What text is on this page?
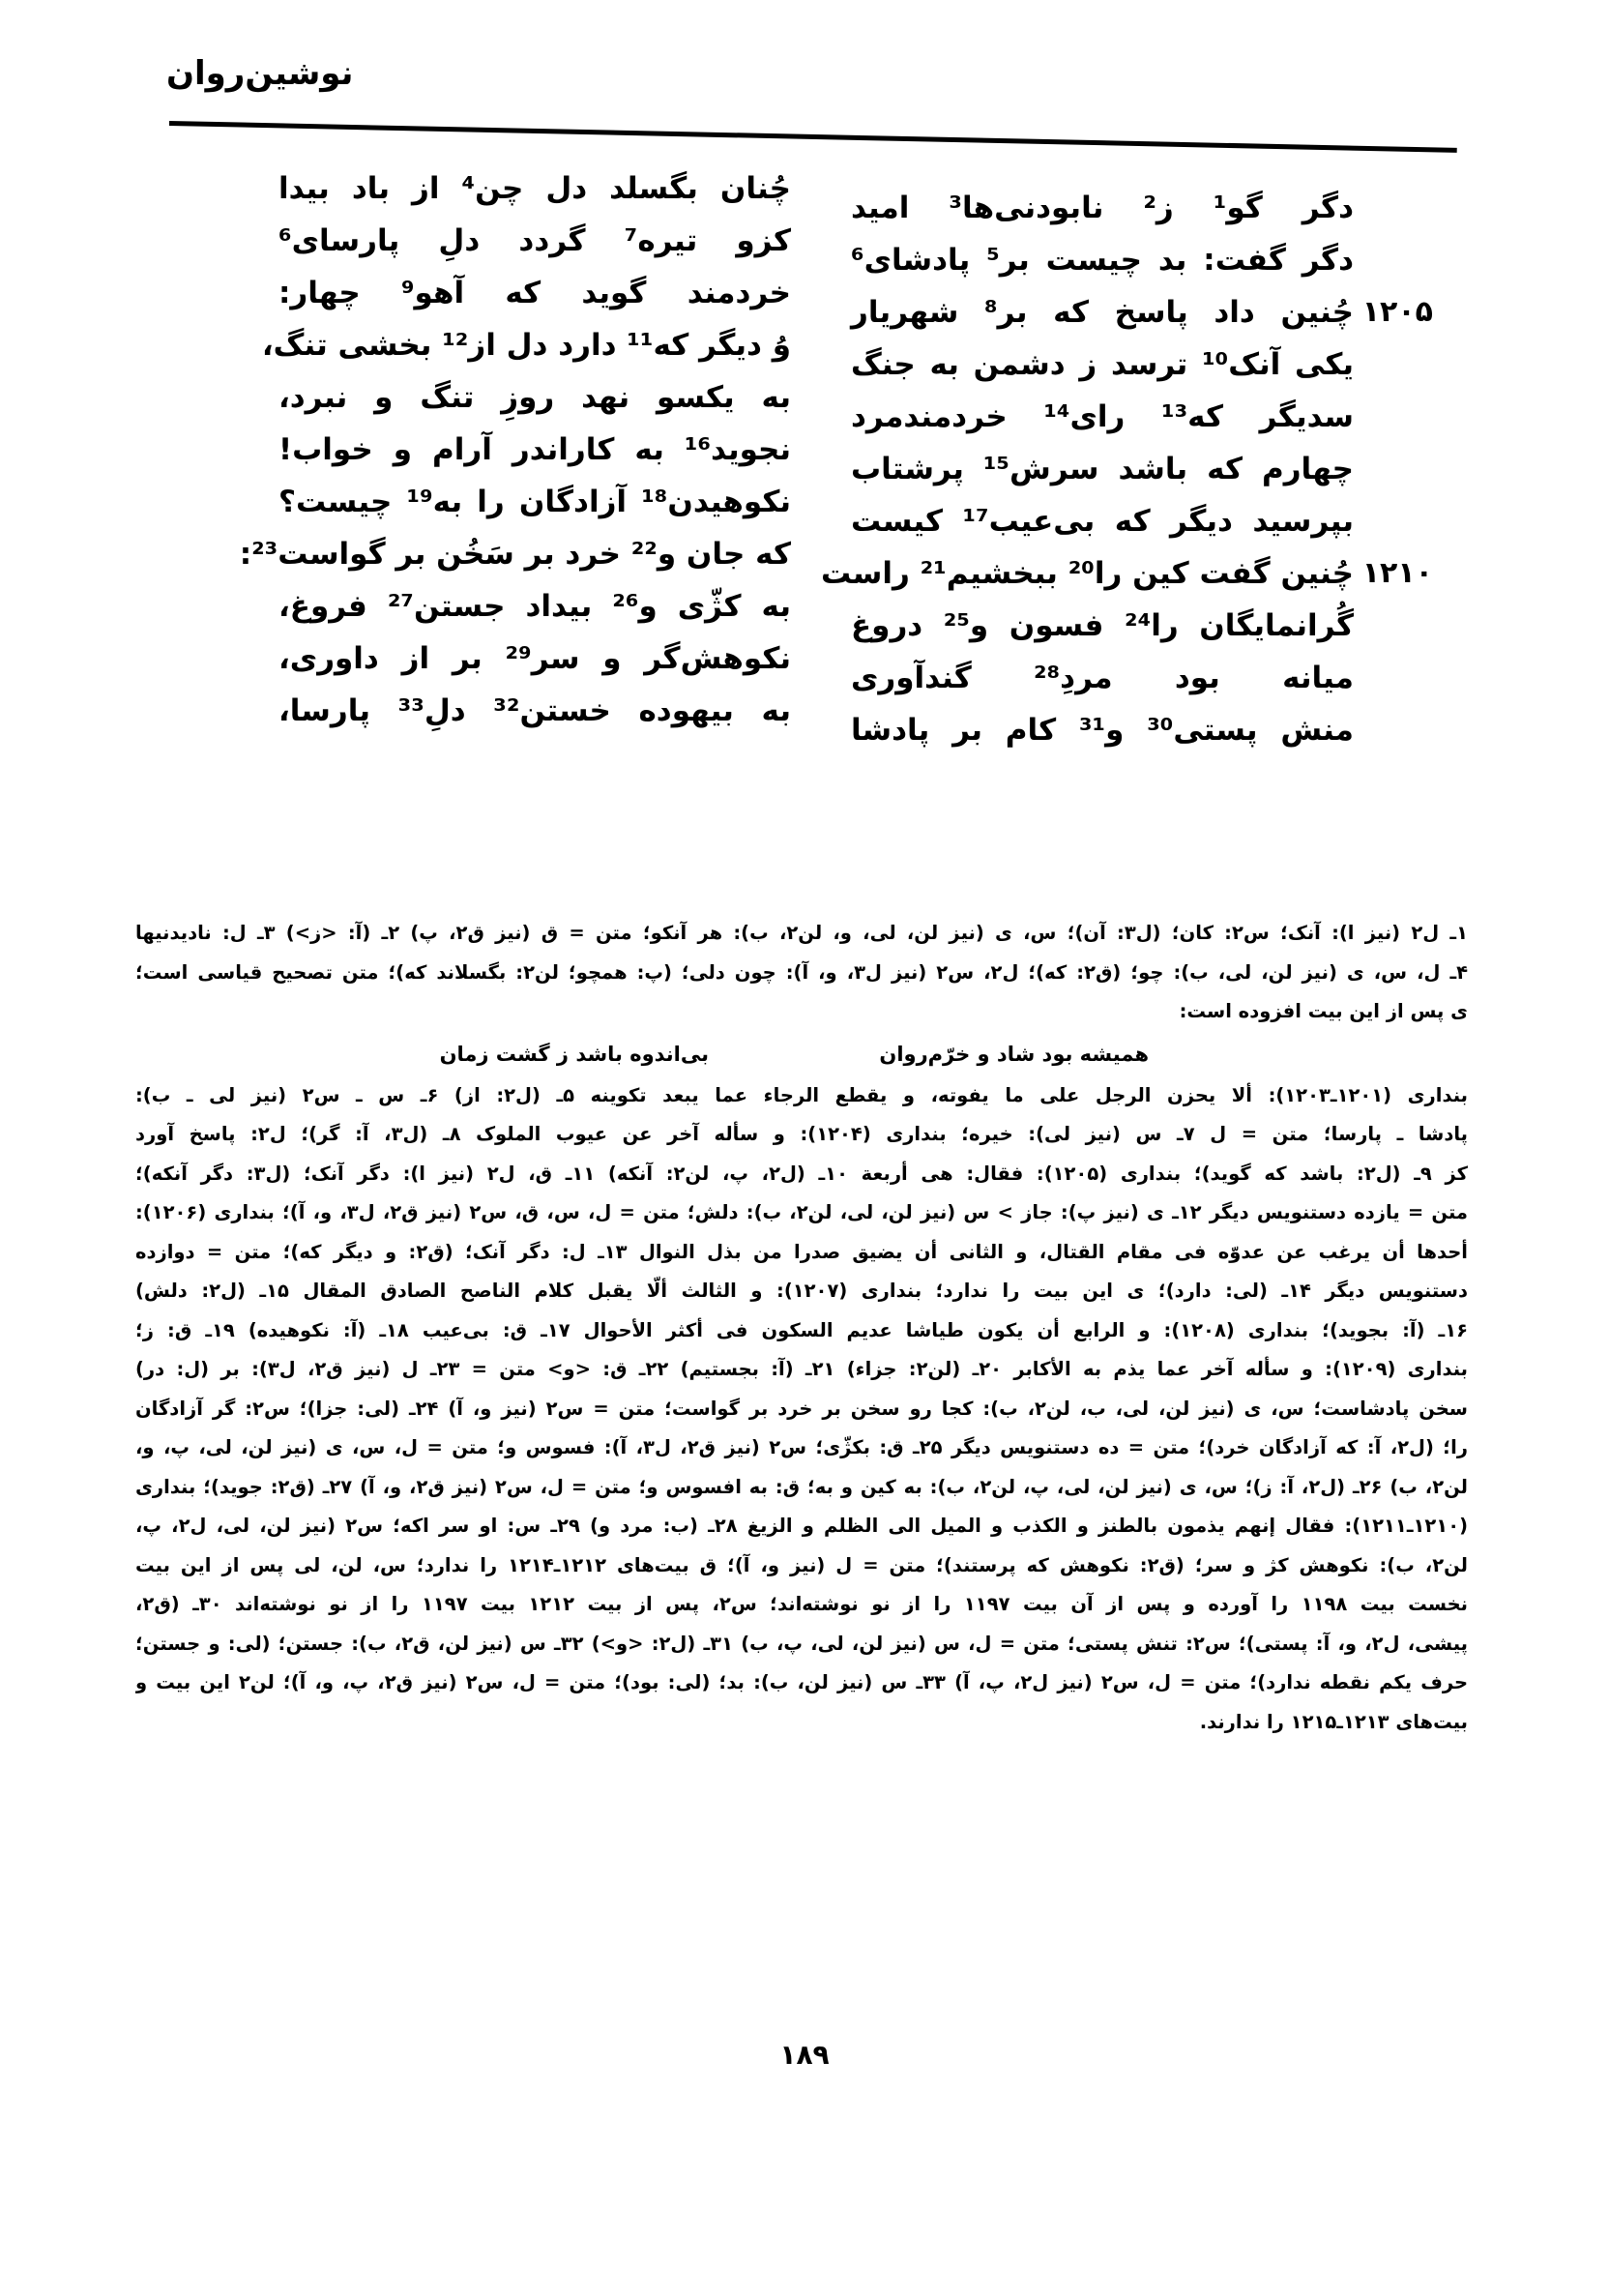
نوشین‌روان
دگر گو¹ ز² نابودنی‌ها³ امید
دگر گفت: بد چیست بر⁵ پادشای⁶
چُنین داد پاسخ که بر⁸ شهریار ۱۲۰۵
یکی آنک¹⁰ ترسد ز دشمن به جنگ
سدیگر که¹³ رای¹⁴ خردمندمرد
چهارم که باشد سرش¹⁵ پرشتاب
بپرسید دیگر که بی‌عیب¹⁷ کیست
چُنین گفت کین را²⁰ ببخشیم²¹ راست ۱۲۱۰
گُرانمایگان را²⁴ فسون و²⁵ دروغ
میانه بود مردِ²⁸ گندآوری
منش پستی³⁰ و³¹ کام بر پادشا
چُنان بگسلد دل چن⁴ از باد بیدا
کزو تیره⁷ گردد دلِ پارسای⁶
خردمند گوید که آهو⁹ چهار:
وُ دیگر که¹¹ دارد دل از¹² بخشی تنگ،
به یکسو نهد روزِ تنگ و نبرد،
نجوید¹⁶ به کاراندر آرام و خواب!
نکوهیدن¹⁸ آزادگان را به¹⁹ چیست؟
که جان و²² خرد بر سَخُن بر گواست²³:
به کژّی و²⁶ بیداد جستن²⁷ فروغ،
نکوهش‌گر و سر²⁹ بر از داوری،
به بیهوده خستن³² دلِ³³ پارسا،
۱ـ ل۲ (نیز ا): آنک؛ س۲: کان؛ (ل۳: آن)؛ س، ی (نیز لن، لی، و، لن۲، ب): هر آنکو؛ متن = ق (نیز ق۲، پ) ۲ـ (آ: <ز>) ۳ـ ل: نادیدنیها
۴ـ ل، س، ی (نیز لن، لی، ب): چو؛ (ق۲: که)؛ ل۲، س۲ (نیز ل۳، و، آ): چون دلی؛ (پ: همچو؛ لن۲: بگسلاند که)؛ متن تصحیح قیاسی است؛
ی پس از این بیت افزوده است:
همیشه بود شاد و خرّم‌روان
بی‌اندوه باشد ز گشت زمان
بنداری (۱۲۰۱ـ۱۲۰۳): ألا یحزن الرجل علی ما یفوته، و یقطع الرجاء عما یبعد تکوینه ۵ـ (ل۲: از) ۶ـ س ـ س۲ (نیز لی ـ ب):
پادشا ـ پارسا؛ متن = ل ۷ـ س (نیز لی): خیره؛ بنداری (۱۲۰۴): و سأله آخر عن عیوب الملوک ۸ـ (ل۳، آ: گر)؛ ل۲: پاسخ آورد
کز ۹ـ (ل۲: باشد که گوید)؛ بنداری (۱۲۰۵): فقال: هی أربعة ۱۰ـ (ل۲، پ، لن۲: آنکه) ۱۱ـ ق، ل۲ (نیز ا): دگر آنک؛ (ل۳: دگر آنکه)؛
متن = یازده دستنویس دیگر ۱۲ـ ی (نیز پ): جاز > س (نیز لن، لی، لن۲، ب): دلش؛ متن = ل، س، ق، س۲ (نیز ق۲، ل۳، و، آ)؛ بنداری (۱۲۰۶):
أحدها أن یرغب عن عدوّه فی مقام القتال، و الثانی أن یضیق صدرا من بذل النوال ۱۳ـ ل: دگر آنک؛ (ق۲: و دیگر که)؛ متن = دوازده
دستنویس دیگر ۱۴ـ (لی: دارد)؛ ی این بیت را ندارد؛ بنداری (۱۲۰۷): و الثالث ألّا یقبل کلام الناصح الصادق المقال ۱۵ـ (ل۲: دلش)
۱۶ـ (آ: بجوید)؛ بنداری (۱۲۰۸): و الرابع أن یکون طیاشا عدیم السکون فی أکثر الأحوال ۱۷ـ ق: بی‌عیب ۱۸ـ (آ: نکوهیده) ۱۹ـ ق: ز؛
بنداری (۱۲۰۹): و سأله آخر عما یذم به الأکابر ۲۰ـ (لن۲: جزاء) ۲۱ـ (آ: بجستیم) ۲۲ـ ق: <و> متن = ۲۳ـ ل (نیز ق۲، ل۳): بر (ل: در)
سخن پادشاست؛ س، ی (نیز لن، لی، ب، لن۲، ب): کجا رو سخن بر خرد بر گواست؛ متن = س۲ (نیز و، آ) ۲۴ـ (لی: جزا)؛ س۲: گر آزادگان
را؛ (ل۲، آ: که آزادگان خرد)؛ متن = ده دستنویس دیگر ۲۵ـ ق: بکژّی؛ س۲ (نیز ق۲، ل۳، آ): فسوس و؛ متن = ل، س، ی (نیز لن، لی، پ، و،
لن۲، ب) ۲۶ـ (ل۲، آ: ز)؛ س، ی (نیز لن، لی، پ، لن۲، ب): به کین و به؛ ق: به افسوس و؛ متن = ل، س۲ (نیز ق۲، و، آ) ۲۷ـ (ق۲: جوید)؛ بنداری
(۱۲۱۰ـ۱۲۱۱): فقال إنهم یذمون بالطنز و الکذب و المیل الی الظلم و الزیغ ۲۸ـ (ب: مرد و) ۲۹ـ س: او سر اکه؛ س۲ (نیز لن، لی، ل۲، پ،
لن۲، ب): نکوهش کژ و سر؛ (ق۲: نکوهش که پرستند)؛ متن = ل (نیز و، آ)؛ ق بیت‌های ۱۲۱۲ـ۱۲۱۴ را ندارد؛ س، لن، لی پس از این بیت
نخست بیت ۱۱۹۸ را آورده و پس از آن بیت ۱۱۹۷ را از نو نوشته‌اند؛ س۲، پس از بیت ۱۲۱۲ بیت ۱۱۹۷ را از نو نوشته‌اند ۳۰ـ (ق۲،
پیشی، ل۲، و، آ: پستی)؛ س۲: تنش پستی؛ متن = ل، س (نیز لن، لی، پ، ب) ۳۱ـ (ل۲: <و>) ۳۲ـ س (نیز لن، ق۲، ب): جستن؛ (لی: و جستن؛
حرف یکم نقطه ندارد)؛ متن = ل، س۲ (نیز ل۲، پ، آ) ۳۳ـ س (نیز لن، ب): بد؛ (لی: بود)؛ متن = ل، س۲ (نیز ق۲، پ، و، آ)؛ لن۲ این بیت و
بیت‌های ۱۲۱۳ـ۱۲۱۵ را ندارند.
۱۸۹
